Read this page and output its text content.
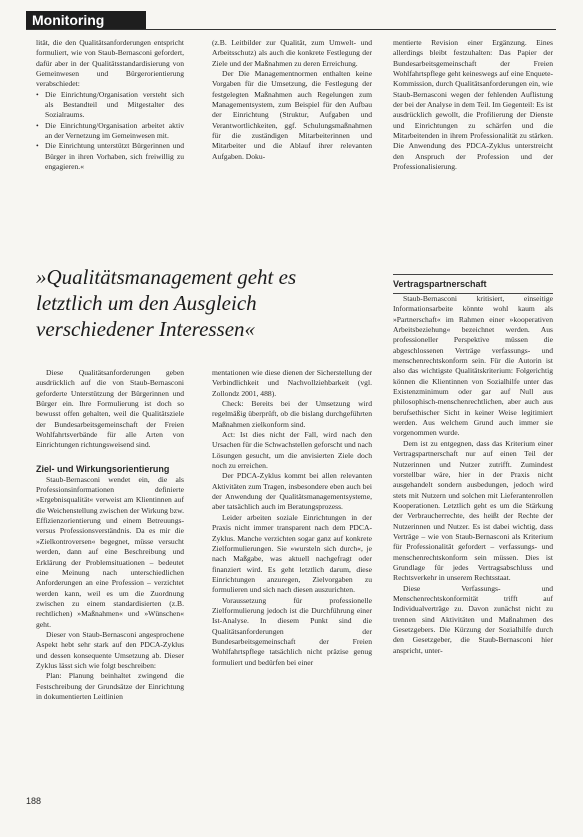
Monitoring

lität, die den Qualitätsanforderungen entspricht formuliert, wie von Staub-Bernasconi gefordert, dafür aber in der Qualitätsstandardisierung von Gemeinwesen und Bürgerorientierung verabschiedet:

• Die Einrichtung/Organisation versteht sich als Bestandteil und Mitgestalter des Sozialraums.
• Die Einrichtung/Organisation arbeitet aktiv an der Vernetzung im Gemeinwesen mit.
• Die Einrichtung unterstützt Bürgerinnen und Bürger in ihren Vorhaben, sich freiwillig zu engagieren.«

(z.B. Leitbilder zur Qualität, zum Umwelt- und Arbeitsschutz) als auch die konkrete Festlegung der Ziele und der Maßnahmen zu deren Erreichung.

Der Die Managementnormen enthalten keine Vorgaben für die Umsetzung, die Festlegung der festgelegten Maßnahmen auch Regelungen zum Managementsystem, zum Beispiel für den Aufbau der Einrichtung (Struktur, Aufgaben und Verantwortlichkeiten, ggf. Schulungsmaßnahmen für die zuständigen Mitarbeiterinnen und Mitarbeiter und die Ablauf ihrer relevanten Aufgaben. Doku-

mentierte Revision einer Ergänzung. Eines allerdings bleibt festzuhalten: Das Papier der Bundesarbeitsgemeinschaft der Freien Wohlfahrtspflege geht keineswegs auf eine Enquete-Kommission, durch Qualitätsanforderungen ein, wie Staub-Bernasconi wegen der fehlenden Auflistung der bei der Analyse in dem Teil. Im Gegenteil: Es ist ausdrücklich gewollt, die Profilierung der Dienste und Einrichtungen zu schärfen und die Mitarbeitenden in ihrem Professionalität zu stärken. Die Anwendung des PDCA-Zyklus unterstreicht den Anspruch der Profession und der Professionalisierung.

»Qualitätsmanagement geht es
letztlich um den Ausgleich
verschiedener Interessen«

Vertragspartnerschaft

Staub-Bernasconi kritisiert, einseitige Informationsarbeite könnte wohl kaum als »Partnerschaft« im Rahmen einer »kooperativen Arbeitsbeziehung« bezeichnet werden. Aus professioneller Perspektive müssen die abgeschlossenen Verträge verfassungs- und menschenrechtskonform sein. Für die Autorin ist also das wichtigste Qualitätskriterium: Folgerichtig können die Klientinnen von Sozialhilfe unter das Existenzminimum oder gar auf Null aus philosophisch-menschenrechtlichen, aber auch aus berufsethischer Sicht in keiner Weise legitimiert werden. Aus welchem Grund auch immer sie vorgenommen wurde.

Dem ist zu entgegnen, dass das Kriterium einer Vertragspartnerschaft nur auf einen Teil der Nutzerinnen und Nutzer zutrifft. Zumindest vorstellbar wäre, hier in der Praxis nicht ausgehandelt sondern ausbedungen, jedoch wird stets mit Nutzern und solchen mit Lieferantenrollen Kooperationen. Letztlich geht es um die Stärkung der Verbraucherrechte, des heißt der Rechte der Nutzerinnen und Nutzer. Es ist dabei wichtig, dass Verträge – wie von Staub-Bernasconi als Kriterium für Professionalität gefordert – verfassungs- und menschenrechtskonform sein müssen. Dies ist Grundlage für jedes Vertragsabschluss und Rechtsverkehr in unserem Rechtsstaat.

Diese Verfassungs- und Menschenrechtskonformität trifft auf Individualverträge zu. Davon zunächst nicht zu trennen sind Aktivitäten und Maßnahmen des Gesetzgebers. Die Kürzung der Sozialhilfe durch den Gesetzgeber, die Staub-Bernasconi hier anspricht, unter-

Diese Qualitätsanforderungen geben ausdrücklich auf die von Staub-Bernasconi geforderte Unterstützung der Bürgerinnen und Bürger ein. Ihre Formulierung ist doch so bewusst offen gehalten, weil die Qualitätsziele der Bundesarbeitsgemeinschaft der Freien Wohlfahrtsverbände für alle Arten von Einrichtungen richtungsweisend sind.

Ziel- und Wirkungsorientierung

Staub-Bernasconi wendet ein, die als Professionsinformationen definierte »Ergebnisqualität« verweist am Klientinnen auf die Weichenstellung zwischen der Wirkung bzw. Effizienzorientierung und einem Betreuungs- versus Professionsverständnis. Da es mir die »Zielkontroversen« begegnet, müsse versucht werden, dann auf eine Beschreibung und Erklärung der Problemsituationen – bedeutet eine Meinung nach unterschiedlichen Anforderungen an eine Profession – verzichtet werden kann, weil es um die Zuordnung zwischen zu einem standardisierten (z.B. rechtlichen) »Maßnahmen« und »Wünschen« geht.

Dieser von Staub-Bernasconi angesprochene Aspekt hebt sehr stark auf den PDCA-Zyklus und dessen konsequente Umsetzung ab. Dieser Zyklus lässt sich wie folgt beschreiben:

Plan: Planung beinhaltet zwingend die Festschreibung der Grundsätze der Einrichtung in dokumentierten Leitlinien

mentationen wie diese dienen der Sicherstellung der Verbindlichkeit und Nachvollziehbarkeit (vgl. Zollondz 2001, 488).

Check: Bereits bei der Umsetzung wird regelmäßig überprüft, ob die bislang durchgeführten Maßnahmen zielkonform sind.

Act: Ist dies nicht der Fall, wird nach den Ursachen für die Schwachstellen geforscht und nach Lösungen gesucht, um die anvisierten Ziele doch noch zu erreichen.

Der PDCA-Zyklus kommt bei allen relevanten Aktivitäten zum Tragen, insbesondere eben auch bei der Anwendung der Qualitätsmanagementsysteme, aber tatsächlich auch im Beratungsprozess.

Leider arbeiten soziale Einrichtungen in der Praxis nicht immer transparent nach dem PDCA-Zyklus. Manche verzichten sogar ganz auf konkrete Zielformulierungen. Sie »wursteln sich durch«, je nach Maßgabe, was aktuell nachgefragt oder finanziert wird. Es geht letztlich darum, diese Einrichtungen anzuregen, Zielvorgaben zu formulieren und sich nach diesen auszurichten.

Voraussetzung für professionelle Zielformulierung jedoch ist die Durchführung einer Ist-Analyse. In diesem Punkt sind die Qualitätsanforderungen der Bundesarbeitsgemeinschaft der Freien Wohlfahrtspflege tatsächlich nicht präzise genug formuliert und bedürfen bei einer

188
